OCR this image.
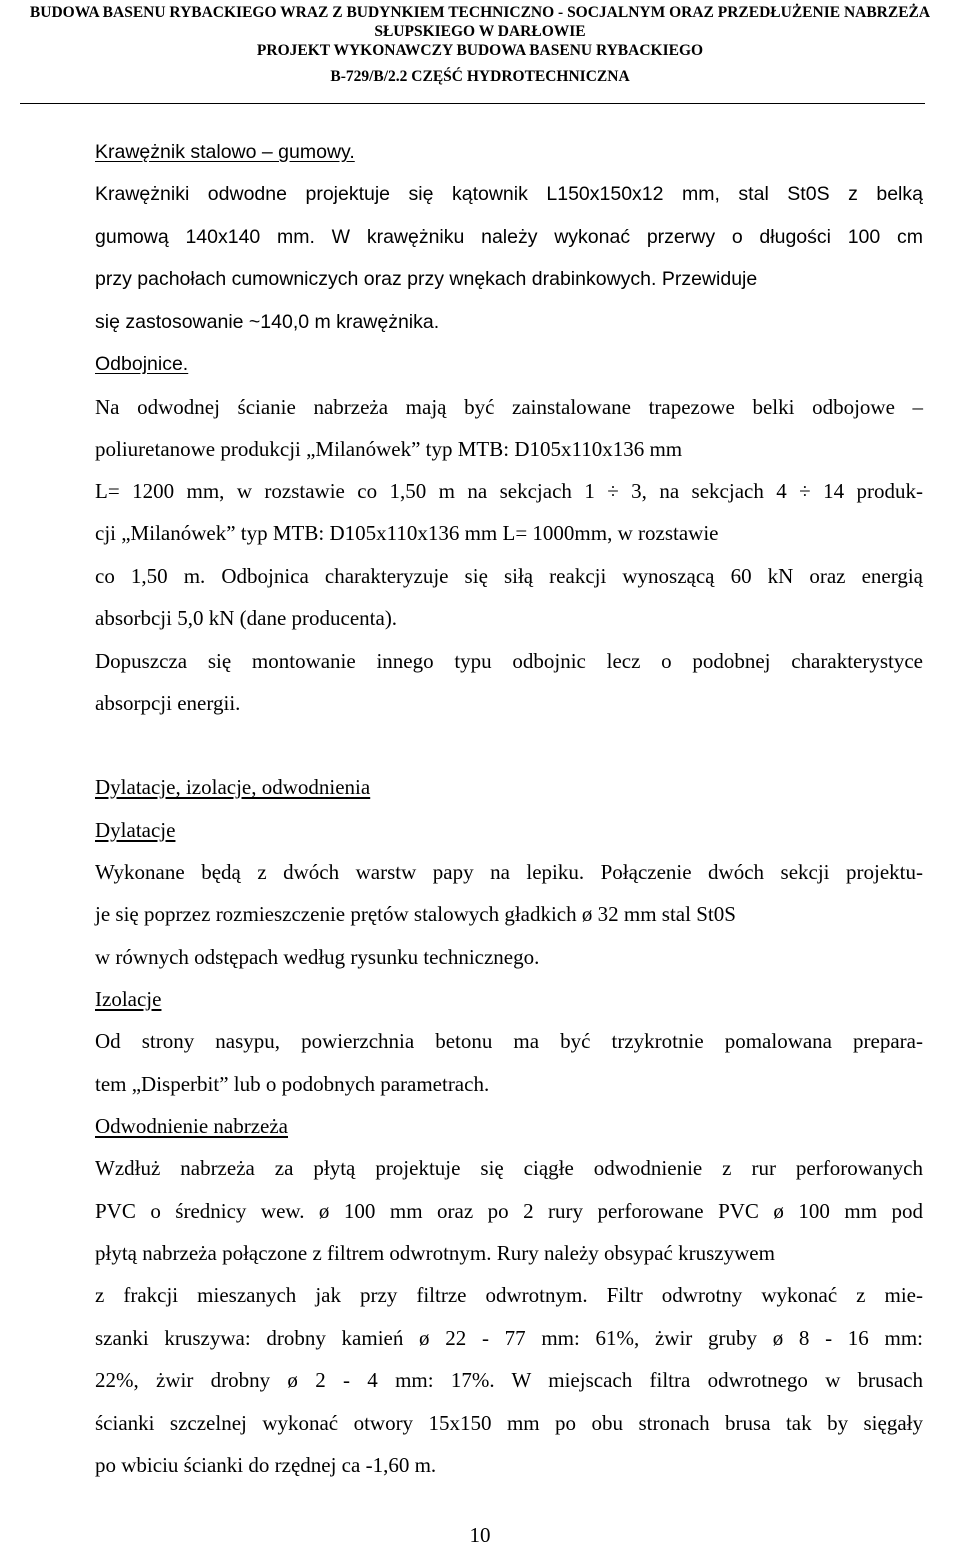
BUDOWA BASENU RYBACKIEGO WRAZ Z BUDYNKIEM TECHNICZNO - SOCJALNYM ORAZ PRZEDŁUŻENIE NABRZEŻA
SŁUPSKIEGO W DARŁOWIE
PROJEKT WYKONAWCZY BUDOWA BASENU RYBACKIEGO
B-729/B/2.2 CZĘŚĆ HYDROTECHNICZNA
Krawężnik stalowo – gumowy.
Krawężniki odwodne projektuje się kątownik L150x150x12 mm, stal St0S z belką
gumową 140x140 mm. W krawężniku należy wykonać przerwy o długości 100 cm
przy pachołach cumowniczych oraz przy wnękach drabinkowych. Przewiduje
się zastosowanie ~140,0 m krawężnika.
Odbojnice.
Na odwodnej ścianie nabrzeża mają być zainstalowane trapezowe belki odbojowe –
poliuretanowe produkcji „Milanówek” typ MTB: D105x110x136 mm
L= 1200 mm, w rozstawie co 1,50 m na sekcjach 1 ÷ 3, na sekcjach 4 ÷ 14 produk-
cji „Milanówek” typ MTB: D105x110x136 mm L= 1000mm, w rozstawie
co 1,50 m. Odbojnica charakteryzuje się siłą reakcji wynoszącą 60 kN oraz energią
absorbcji 5,0 kN (dane producenta).
Dopuszcza się montowanie innego typu odbojnic lecz o podobnej charakterystyce
absorpcji energii.
Dylatacje, izolacje, odwodnienia
Dylatacje
Wykonane będą z dwóch warstw papy na lepiku. Połączenie dwóch sekcji projektu-
je się poprzez rozmieszczenie prętów stalowych gładkich ø 32 mm stal St0S
w równych odstępach według rysunku technicznego.
Izolacje
Od strony nasypu, powierzchnia betonu ma być trzykrotnie pomalowana prepara-
tem „Disperbit” lub o podobnych parametrach.
Odwodnienie nabrzeża
Wzdłuż nabrzeża za płytą projektuje się ciągłe odwodnienie z rur perforowanych
PVC o średnicy wew. ø 100 mm oraz po 2 rury perforowane PVC ø 100 mm pod
płytą nabrzeża połączone z filtrem odwrotnym. Rury należy obsypać kruszywem
z frakcji mieszanych jak przy filtrze odwrotnym. Filtr odwrotny wykonać z mie-
szanki kruszywa: drobny kamień ø 22 - 77 mm: 61%, żwir gruby ø 8 - 16 mm:
22%, żwir drobny ø 2 - 4 mm: 17%. W miejscach filtra odwrotnego w brusach
ścianki szczelnej wykonać otwory 15x150 mm po obu stronach brusa tak by sięgały
po wbiciu ścianki do rzędnej ca -1,60 m.
10
